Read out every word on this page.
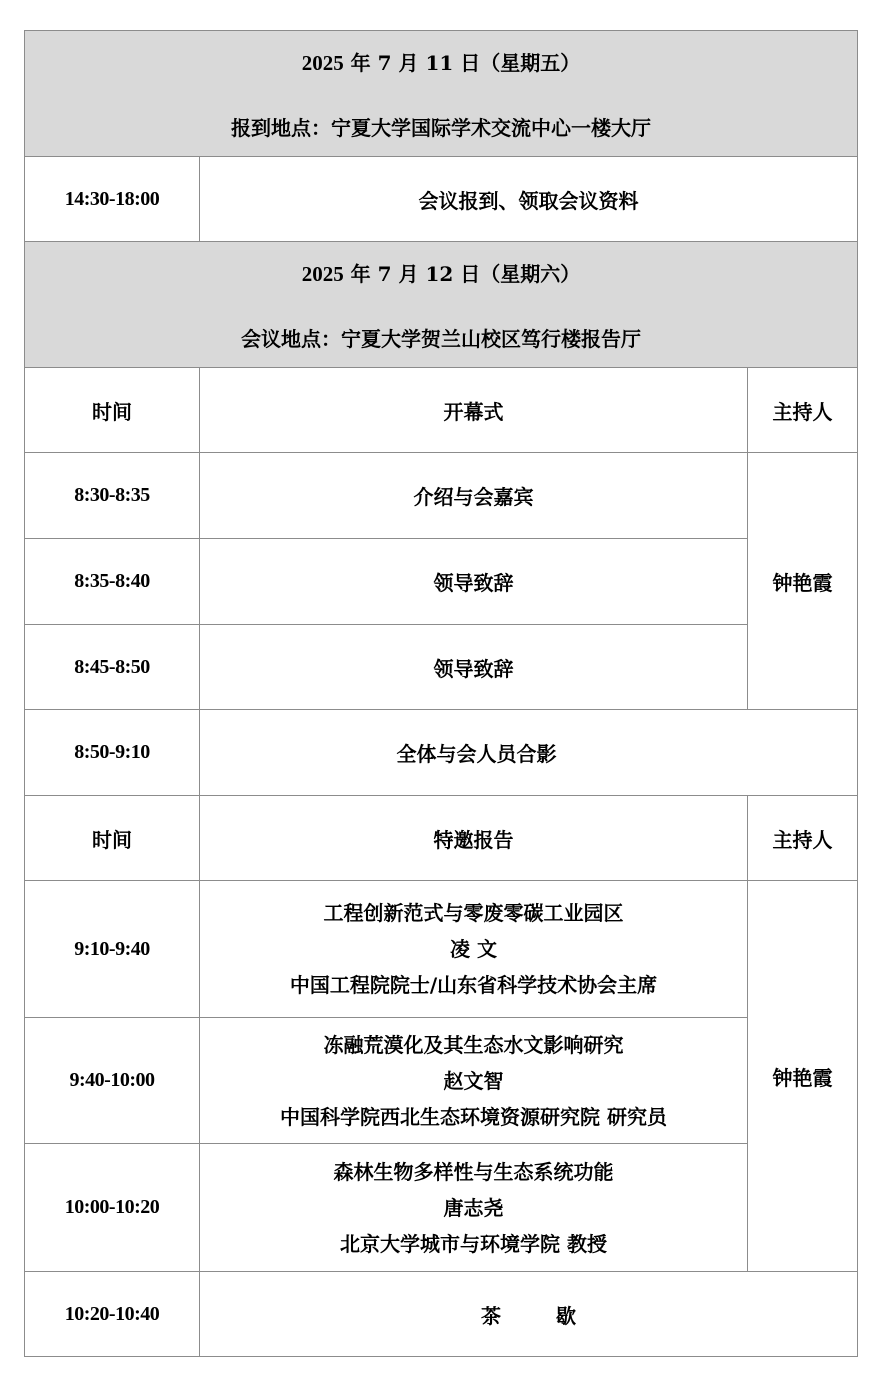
2025 年 7 月 11 日（星期五）
报到地点：宁夏大学国际学术交流中心一楼大厅		

14:30-18:00	会议报到、领取会议资料	

2025 年 7 月 12 日（星期六）
会议地点：宁夏大学贺兰山校区笃行楼报告厅		

时间	开幕式	主持人
8:30-8:35	介绍与会嘉宾	钟艳霞
8:35-8:40	领导致辞	
8:45-8:50	领导致辞	
8:50-9:10	全体与会人员合影	
时间	特邀报告	主持人
9:10-9:40	工程创新范式与零废零碳工业园区
凌 文
中国工程院院士/山东省科学技术协会主席	钟艳霞
9:40-10:00	冻融荒漠化及其生态水文影响研究
赵文智
中国科学院西北生态环境资源研究院 研究员	

10:00-10:20	森林生物多样性与生态系统功能
唐志尧
北京大学城市与环境学院 教授	

10:20-10:40	茶 歇	
